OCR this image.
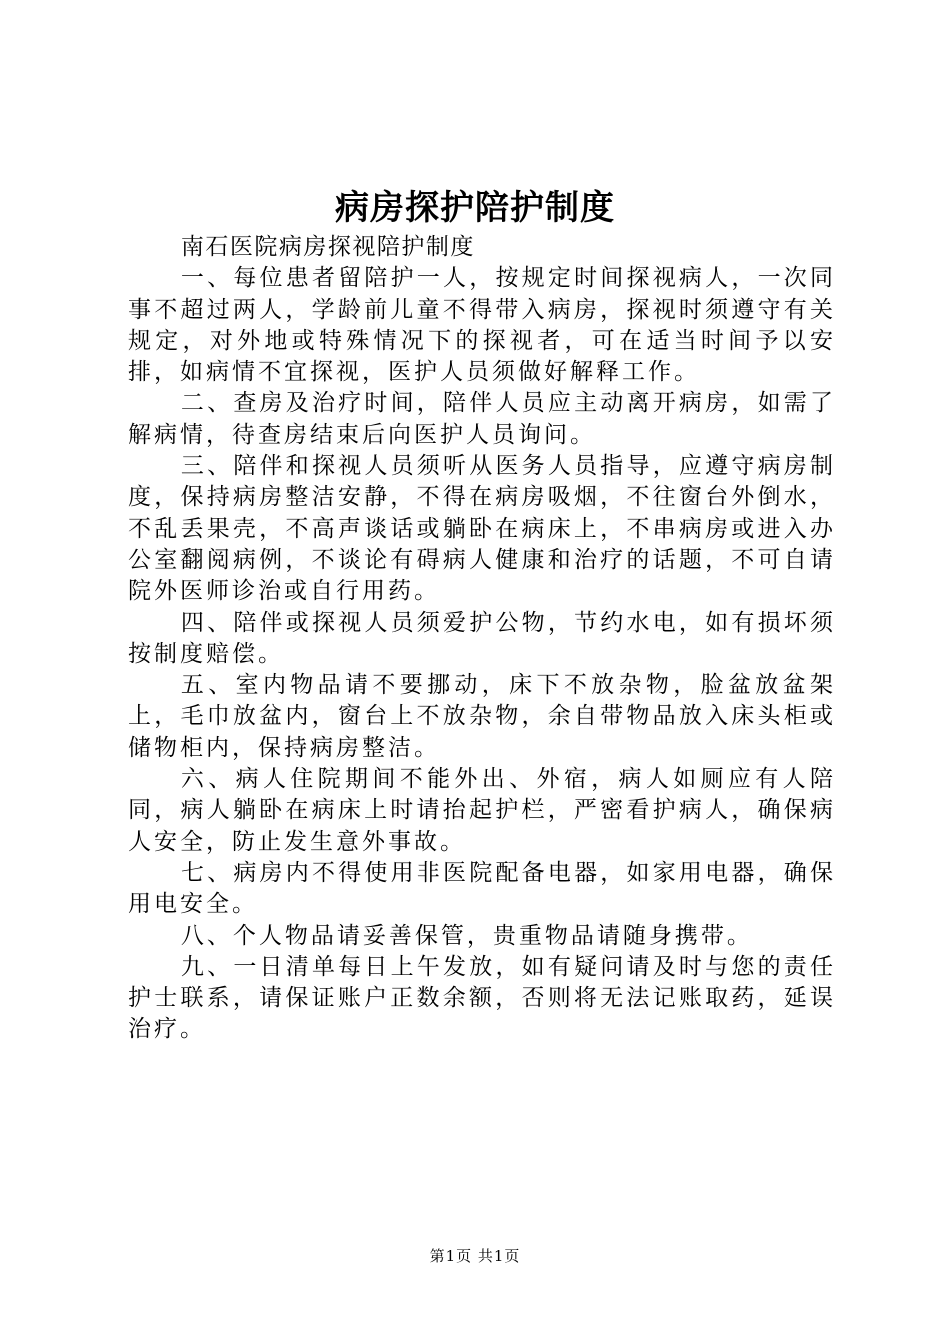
病房探护陪护制度

南石医院病房探视陪护制度

一、每位患者留陪护一人，按规定时间探视病人，一次同事不超过两人，学龄前儿童不得带入病房，探视时须遵守有关规定，对外地或特殊情况下的探视者，可在适当时间予以安排，如病情不宜探视，医护人员须做好解释工作。

二、查房及治疗时间，陪伴人员应主动离开病房，如需了解病情，待查房结束后向医护人员询问。

三、陪伴和探视人员须听从医务人员指导，应遵守病房制度，保持病房整洁安静，不得在病房吸烟，不往窗台外倒水，不乱丢果壳，不高声谈话或躺卧在病床上，不串病房或进入办公室翻阅病例，不谈论有碍病人健康和治疗的话题，不可自请院外医师诊治或自行用药。

四、陪伴或探视人员须爱护公物，节约水电，如有损坏须按制度赔偿。

五、室内物品请不要挪动，床下不放杂物，脸盆放盆架上，毛巾放盆内，窗台上不放杂物，余自带物品放入床头柜或储物柜内，保持病房整洁。

六、病人住院期间不能外出、外宿，病人如厕应有人陪同，病人躺卧在病床上时请抬起护栏，严密看护病人，确保病人安全，防止发生意外事故。

七、病房内不得使用非医院配备电器，如家用电器，确保用电安全。

八、个人物品请妥善保管，贵重物品请随身携带。

九、一日清单每日上午发放，如有疑问请及时与您的责任护士联系，请保证账户正数余额，否则将无法记账取药，延误治疗。

第1页 共1页
